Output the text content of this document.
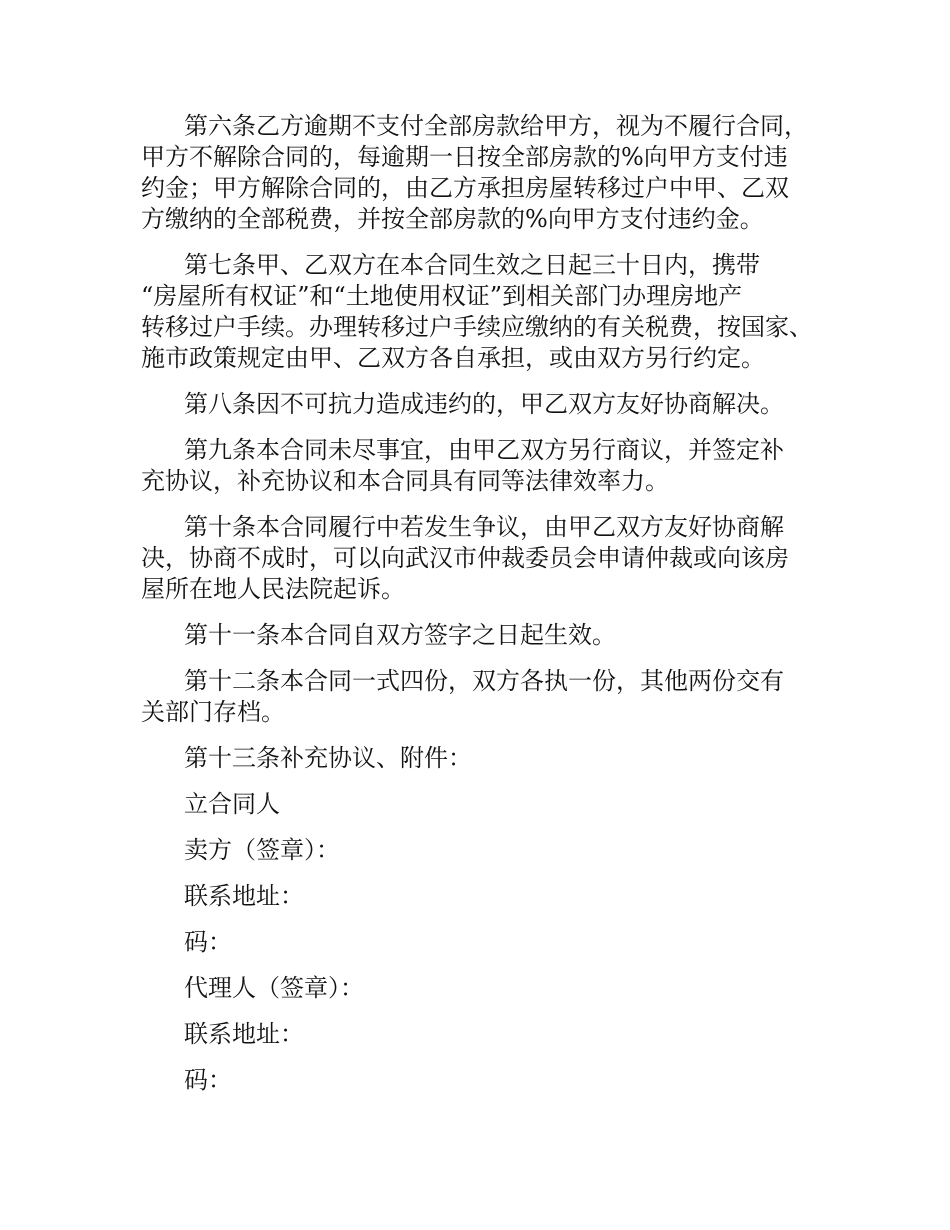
第六条乙方逾期不支付全部房款给甲方，视为不履行合同，
甲方不解除合同的，每逾期一日按全部房款的%向甲方支付违
约金；甲方解除合同的，由乙方承担房屋转移过户中甲、乙双
方缴纳的全部税费，并按全部房款的%向甲方支付违约金。

第七条甲、乙双方在本合同生效之日起三十日内，携带
“房屋所有权证”和“土地使用权证”到相关部门办理房地产
转移过户手续。办理转移过户手续应缴纳的有关税费，按国家、
施市政策规定由甲、乙双方各自承担，或由双方另行约定。

第八条因不可抗力造成违约的，甲乙双方友好协商解决。

第九条本合同未尽事宜，由甲乙双方另行商议，并签定补
充协议，补充协议和本合同具有同等法律效率力。

第十条本合同履行中若发生争议，由甲乙双方友好协商解
决，协商不成时，可以向武汉市仲裁委员会申请仲裁或向该房
屋所在地人民法院起诉。

第十一条本合同自双方签字之日起生效。

第十二条本合同一式四份，双方各执一份，其他两份交有
关部门存档。

第十三条补充协议、附件：

立合同人

卖方（签章）：

联系地址：

码：

代理人（签章）：

联系地址：

码：
